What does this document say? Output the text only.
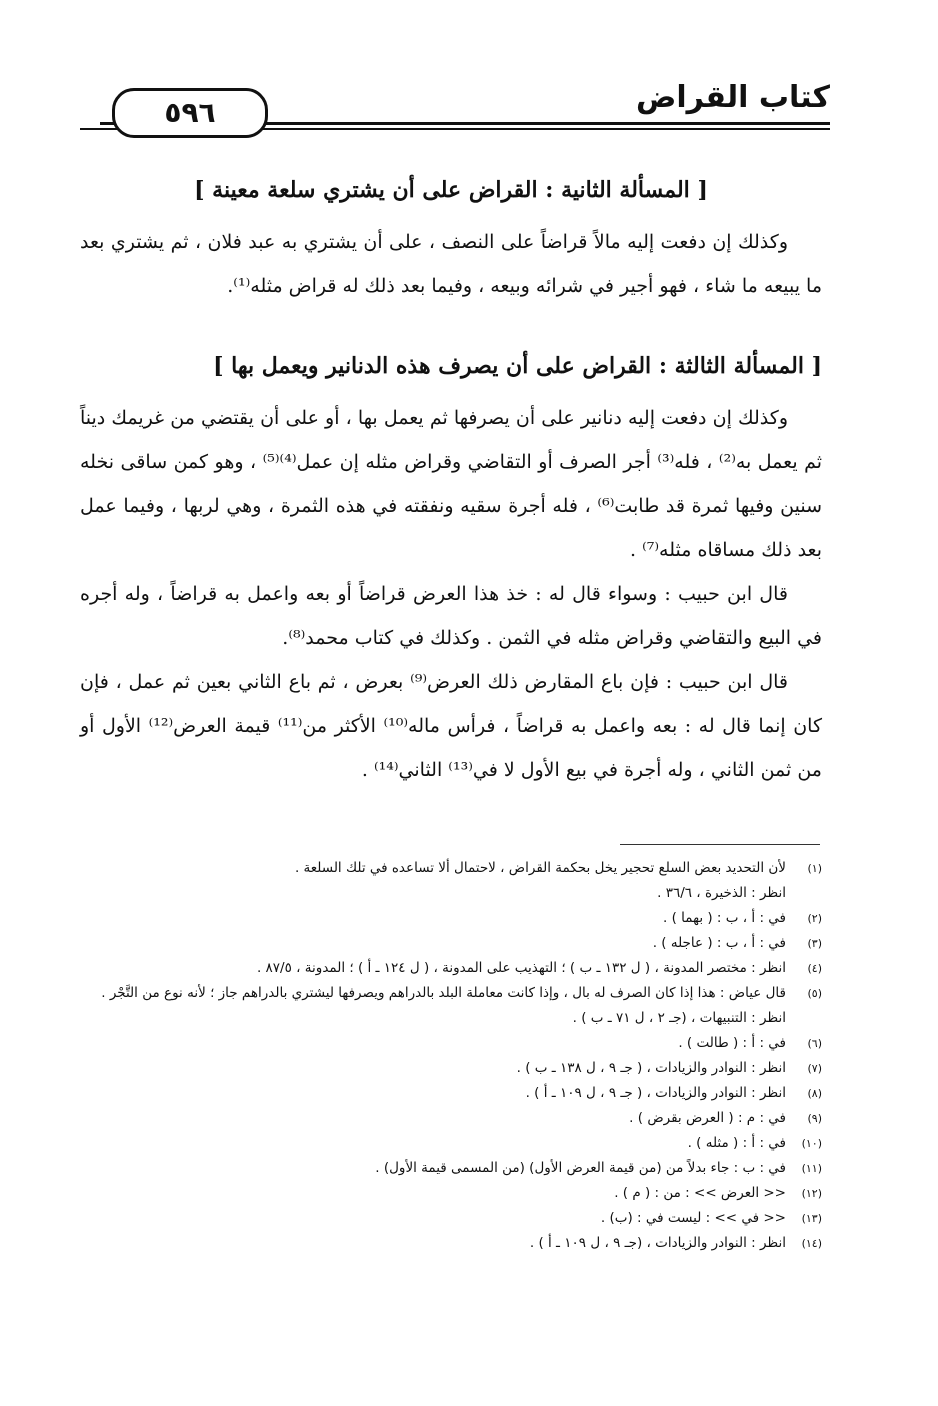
كتاب القراض
٥٩٦
[ المسألة الثانية : القراض على أن يشتري سلعة معينة ]

وكذلك إن دفعت إليه مالاً قراضاً على النصف ، على أن يشتري به عبد فلان ، ثم يشتري بعد ما يبيعه ما شاء ، فهو أجير في شرائه وبيعه ، وفيما بعد ذلك له قراض مثله⁽¹⁾.

[ المسألة الثالثة : القراض على أن يصرف هذه الدنانير ويعمل بها ]

وكذلك إن دفعت إليه دنانير على أن يصرفها ثم يعمل بها ، أو على أن يقتضي من غريمك ديناً ثم يعمل به⁽²⁾ ، فله⁽³⁾ أجر الصرف أو التقاضي وقراض مثله إن عمل⁽⁴⁾⁽⁵⁾ ، وهو كمن ساقى نخله سنين وفيها ثمرة قد طابت⁽⁶⁾ ، فله أجرة سقيه ونفقته في هذه الثمرة ، وهي لربها ، وفيما عمل بعد ذلك مساقاه مثله⁽⁷⁾ .

قال ابن حبيب : وسواء قال له : خذ هذا العرض قراضاً أو بعه واعمل به قراضاً ، وله أجره في البيع والتقاضي وقراض مثله في الثمن . وكذلك في كتاب محمد⁽⁸⁾.

قال ابن حبيب : فإن باع المقارض ذلك العرض⁽⁹⁾ بعرض ، ثم باع الثاني بعين ثم عمل ، فإن كان إنما قال له : بعه واعمل به قراضاً ، فرأس ماله⁽¹⁰⁾ الأكثر من⁽¹¹⁾ قيمة العرض⁽¹²⁾ الأول أو من ثمن الثاني ، وله أجرة في بيع الأول لا في⁽¹³⁾ الثاني⁽¹⁴⁾ .

(١)
لأن التحديد بعض السلع تحجير يخل بحكمة القراض ، لاحتمال ألا تساعده في تلك السلعة .
انظر : الذخيرة ، ٣٦/٦ .
(٢)
في : أ ، ب : ( بهما ) .
(٣)
في : أ ، ب : ( عاجله ) .
(٤)
انظر : مختصر المدونة ، ( ل ١٣٢ ـ ب ) ؛ التهذيب على المدونة ، ( ل ١٢٤ ـ أ ) ؛ المدونة ، ٨٧/٥ .
(٥)
قال عياض : هذا إذا كان الصرف له بال ، وإذا كانت معاملة البلد بالدراهم ويصرفها ليشتري بالدراهم جاز ؛ لأنه نوع من التَّجْر .
انظر : التنبيهات ، (جـ ٢ ، ل ٧١ ـ ب ) .
(٦)
في : أ : ( طالت ) .
(٧)
انظر : النوادر والزيادات ، ( جـ ٩ ، ل ١٣٨ ـ ب ) .
(٨)
انظر : النوادر والزيادات ، ( جـ ٩ ، ل ١٠٩ ـ أ ) .
(٩)
في : م : ( العرض بقرض ) .
(١٠)
في : أ : ( مثله ) .
(١١)
في : ب : جاء بدلاً من (من قيمة العرض الأول) (من المسمى قيمة الأول) .
(١٢)
<< العرض >> : من : ( م ) .
(١٣)
<< في >> : ليست في : (ب) .
(١٤)
انظر : النوادر والزيادات ، (جـ ٩ ، ل ١٠٩ ـ أ ) .
